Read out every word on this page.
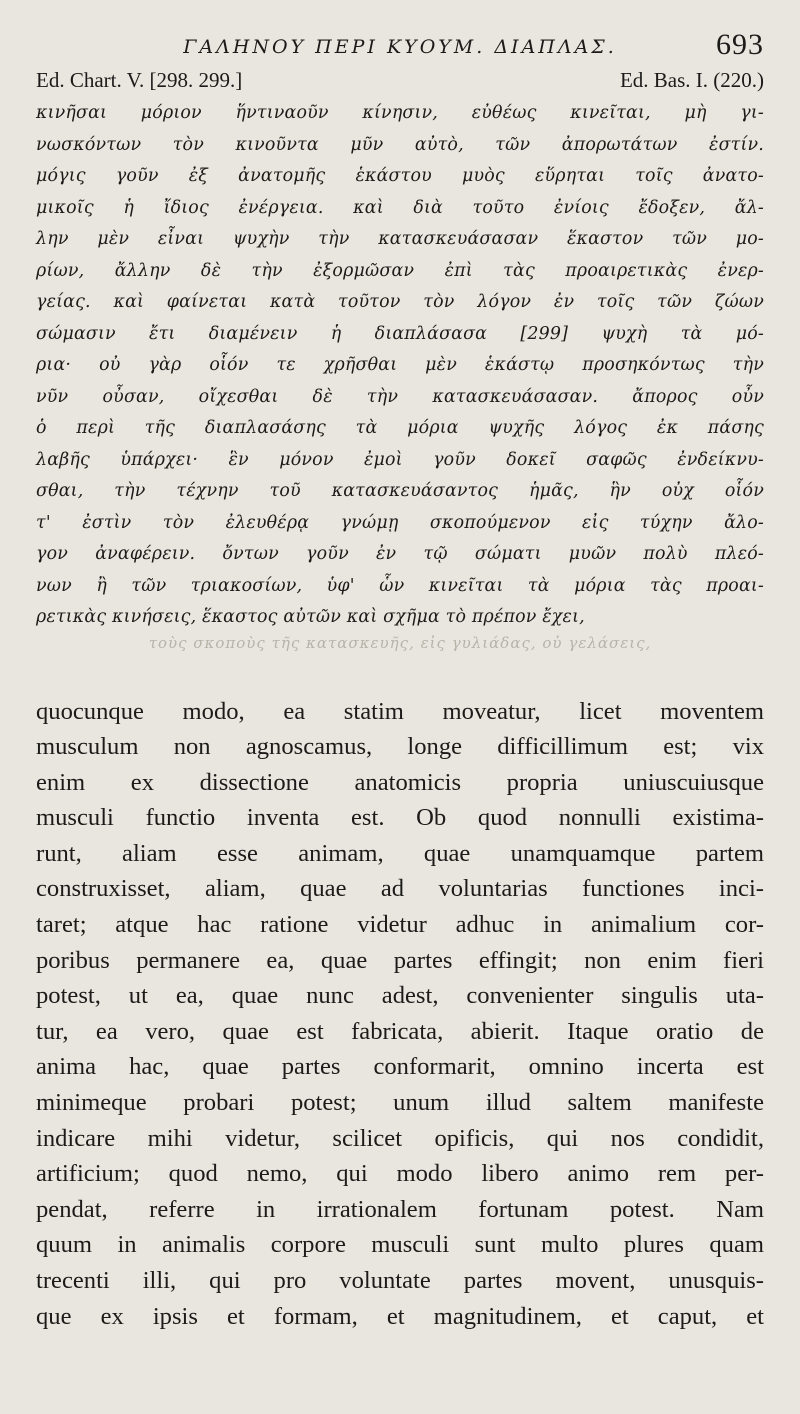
ΓΑΛΗΝΟΥ ΠΕΡΙ ΚΥΟΥΜ. ΔΙΑΠΛΑΣ.	693
Ed. Chart. V. [298. 299.]	Ed. Bas. I. (220.)
κινῆσαι μόριον ἥντιναοῦν κίνησιν, εὐθέως κινεῖται, μὴ γι-
νωσκόντων τὸν κινοῦντα μῦν αὐτὸ, τῶν ἀπορωτάτων ἐστίν.
μόγις γοῦν ἐξ ἀνατομῆς ἑκάστου μυὸς εὕρηται τοῖς ἀνατο-
μικοῖς ἡ ἴδιος ἐνέργεια. καὶ διὰ τοῦτο ἐνίοις ἔδοξεν, ἄλ-
λην μὲν εἶναι ψυχὴν τὴν κατασκευάσασαν ἕκαστον τῶν μο-
ρίων, ἄλλην δὲ τὴν ἐξορμῶσαν ἐπὶ τὰς προαιρετικὰς ἐνερ-
γείας. καὶ φαίνεται κατὰ τοῦτον τὸν λόγον ἐν τοῖς τῶν ζώων
σώμασιν ἔτι διαμένειν ἡ διαπλάσασα [299] ψυχὴ τὰ μό-
ρια· οὐ γὰρ οἷόν τε χρῆσθαι μὲν ἑκάστῳ προσηκόντως τὴν
νῦν οὖσαν, οἴχεσθαι δὲ τὴν κατασκευάσασαν. ἄπορος οὖν
ὁ περὶ τῆς διαπλασάσης τὰ μόρια ψυχῆς λόγος ἐκ πάσης
λαβῆς ὑπάρχει· ἓν μόνον ἐμοὶ γοῦν δοκεῖ σαφῶς ἐνδείκνυ-
σθαι, τὴν τέχνην τοῦ κατασκευάσαντος ἡμᾶς, ἣν οὐχ οἷόν
τ' ἐστὶν τὸν ἐλευθέρᾳ γνώμῃ σκοπούμενον εἰς τύχην ἄλο-
γον ἀναφέρειν. ὄντων γοῦν ἐν τῷ σώματι μυῶν πολὺ πλεό-
νων ἢ τῶν τριακοσίων, ὑφ' ὧν κινεῖται τὰ μόρια τὰς προαι-
ρετικὰς κινήσεις, ἕκαστος αὐτῶν καὶ σχῆμα τὸ πρέπον ἔχει,
τοὺς σκοποὺς τῆς κατασκευῆς, εἰς γυλιάδας, οὐ γελάσεις,
quocunque modo, ea statim moveatur, licet moventem
musculum non agnoscamus, longe difficillimum est; vix
enim ex dissectione anatomicis propria uniuscuiusque
musculi functio inventa est. Ob quod nonnulli existima-
runt, aliam esse animam, quae unamquamque partem
construxisset, aliam, quae ad voluntarias functiones inci-
taret; atque hac ratione videtur adhuc in animalium cor-
poribus permanere ea, quae partes effingit; non enim fieri
potest, ut ea, quae nunc adest, convenienter singulis uta-
tur, ea vero, quae est fabricata, abierit. Itaque oratio de
anima hac, quae partes conformarit, omnino incerta est
minimeque probari potest; unum illud saltem manifeste
indicare mihi videtur, scilicet opificis, qui nos condidit,
artificium; quod nemo, qui modo libero animo rem per-
pendat, referre in irrationalem fortunam potest. Nam
quum in animalis corpore musculi sunt multo plures quam
trecenti illi, qui pro voluntate partes movent, unusquis-
que ex ipsis et formam, et magnitudinem, et caput, et
